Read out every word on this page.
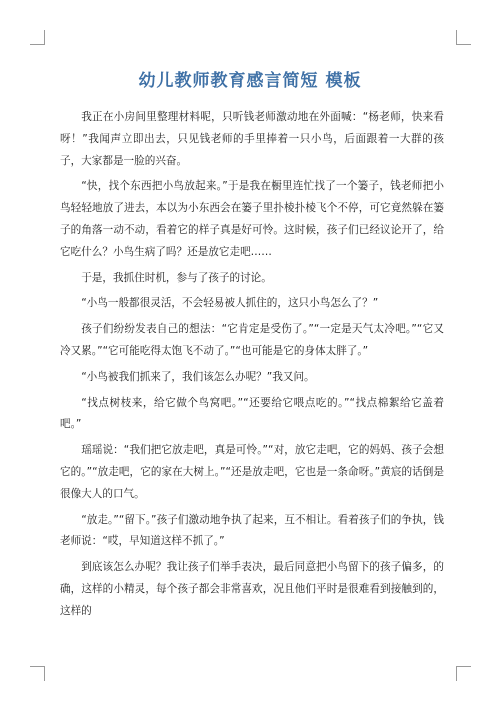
幼儿教师教育感言简短 模板

我正在小房间里整理材料呢，只听钱老师激动地在外面喊：“杨老师，快来看呀！”我闻声立即出去，只见钱老师的手里捧着一只小鸟，后面跟着一大群的孩子，大家都是一脸的兴奋。

“快，找个东西把小鸟放起来。”于是我在橱里连忙找了一个篓子，钱老师把小鸟轻轻地放了进去，本以为小东西会在篓子里扑棱扑棱飞个不停，可它竟然躲在篓子的角落一动不动，看着它的样子真是好可怜。这时候，孩子们已经议论开了，给它吃什么？小鸟生病了吗？还是放它走吧……

于是，我抓住时机，参与了孩子的讨论。

“小鸟一般都很灵活，不会轻易被人抓住的，这只小鸟怎么了？”

孩子们纷纷发表自己的想法：“它肯定是受伤了。”“一定是天气太冷吧。”“它又冷又累。”“它可能吃得太饱飞不动了。”“也可能是它的身体太胖了。”

“小鸟被我们抓来了，我们该怎么办呢？”我又问。

“找点树枝来，给它做个鸟窝吧。”“还要给它喂点吃的。”“找点棉絮给它盖着吧。”

瑶瑶说：“我们把它放走吧，真是可怜。”“对，放它走吧，它的妈妈、孩子会想它的。”“放走吧，它的家在大树上。”“还是放走吧，它也是一条命呀。”黄宸的话倒是很像大人的口气。

“放走。”“留下。”孩子们激动地争执了起来，互不相让。看着孩子们的争执，钱老师说：“哎，早知道这样不抓了。”

到底该怎么办呢？我让孩子们举手表决，最后同意把小鸟留下的孩子偏多，的确，这样的小精灵，每个孩子都会非常喜欢，况且他们平时是很难看到接触到的，这样的
